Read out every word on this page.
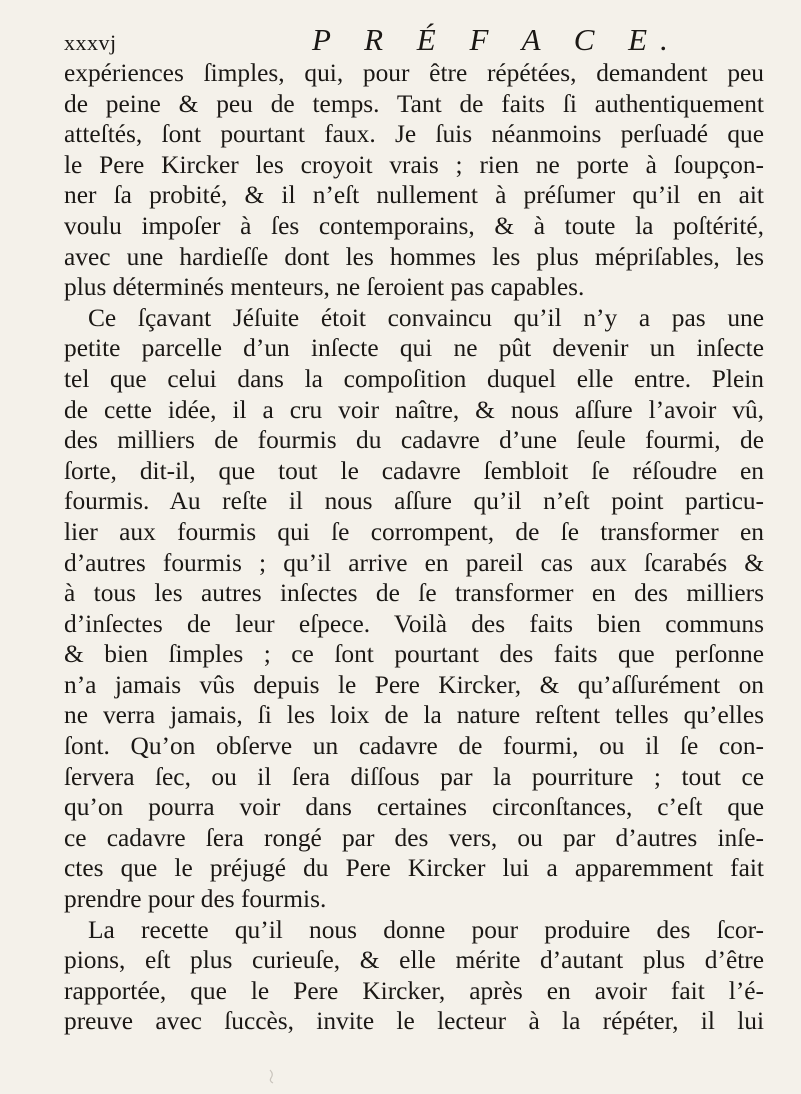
xxxvj	P R É F A C E.
expériences ſimples, qui, pour être répétées, demandent peu
de peine & peu de temps. Tant de faits ſi authentiquement
atteſtés, ſont pourtant faux. Je ſuis néanmoins perſuadé que
le Pere Kircker les croyoit vrais ; rien ne porte à ſoupçon-
ner ſa probité, & il n’eſt nullement à préſumer qu’il en ait
voulu impoſer à ſes contemporains, & à toute la poſtérité,
avec une hardieſſe dont les hommes les plus mépriſables, les
plus déterminés menteurs, ne ſeroient pas capables.
Ce ſçavant Jéſuite étoit convaincu qu’il n’y a pas une
petite parcelle d’un inſecte qui ne pût devenir un inſecte
tel que celui dans la compoſition duquel elle entre. Plein
de cette idée, il a cru voir naître, & nous aſſure l’avoir vû,
des milliers de fourmis du cadavre d’une ſeule fourmi, de
ſorte, dit-il, que tout le cadavre ſembloit ſe réſoudre en
fourmis. Au reſte il nous aſſure qu’il n’eſt point particu-
lier aux fourmis qui ſe corrompent, de ſe transformer en
d’autres fourmis ; qu’il arrive en pareil cas aux ſcarabés &
à tous les autres inſectes de ſe transformer en des milliers
d’inſectes de leur eſpece. Voilà des faits bien communs
& bien ſimples ; ce ſont pourtant des faits que perſonne
n’a jamais vûs depuis le Pere Kircker, & qu’aſſurément on
ne verra jamais, ſi les loix de la nature reſtent telles qu’elles
ſont. Qu’on obſerve un cadavre de fourmi, ou il ſe con-
ſervera ſec, ou il ſera diſſous par la pourriture ; tout ce
qu’on pourra voir dans certaines circonſtances, c’eſt que
ce cadavre ſera rongé par des vers, ou par d’autres inſe-
ctes que le préjugé du Pere Kircker lui a apparemment fait
prendre pour des fourmis.
La recette qu’il nous donne pour produire des ſcor-
pions, eſt plus curieuſe, & elle mérite d’autant plus d’être
rapportée, que le Pere Kircker, après en avoir fait l’é-
preuve avec ſuccès, invite le lecteur à la répéter, il lui
